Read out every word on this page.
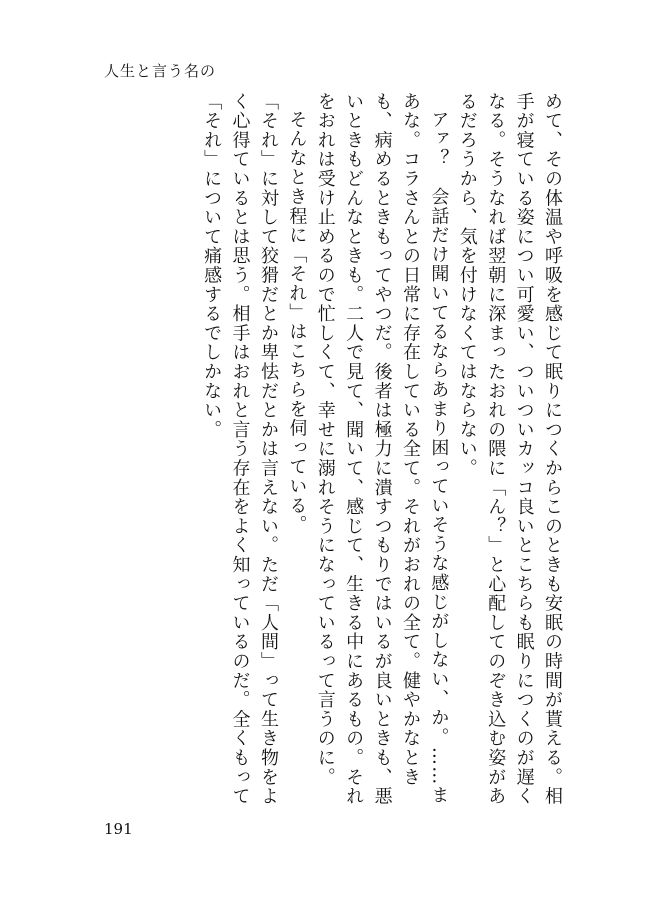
人生と言う名の

めて、その体温や呼吸を感じて眠りにつくからこのときも安眠の時間が貰える。相手が寝ている姿につい可愛い、ついついカッコ良いとこちらも眠りにつくのが遅くなる。そうなれば翌朝に深まったおれの隈に「ん？」と心配してのぞき込む姿があるだろうから、気を付けなくてはならない。

アァ？　会話だけ聞いてるならあまり困っていそうな感じがしない、か。……まあな。コラさんとの日常に存在している全て。それがおれの全て。健やかなときも、病めるときもってやつだ。後者は極力に潰すつもりではいるが良いときも、悪いときもどんなときも。二人で見て、聞いて、感じて、生きる中にあるもの。それをおれは受け止めるので忙しくて、幸せに溺れそうになっているって言うのに。

そんなとき程に「それ」はこちらを伺っている。

「それ」に対して狡猾だとか卑怯だとかは言えない。ただ「人間」って生き物をよく心得ているとは思う。相手はおれと言う存在をよく知っているのだ。全くもって「それ」について痛感するでしかない。

191
